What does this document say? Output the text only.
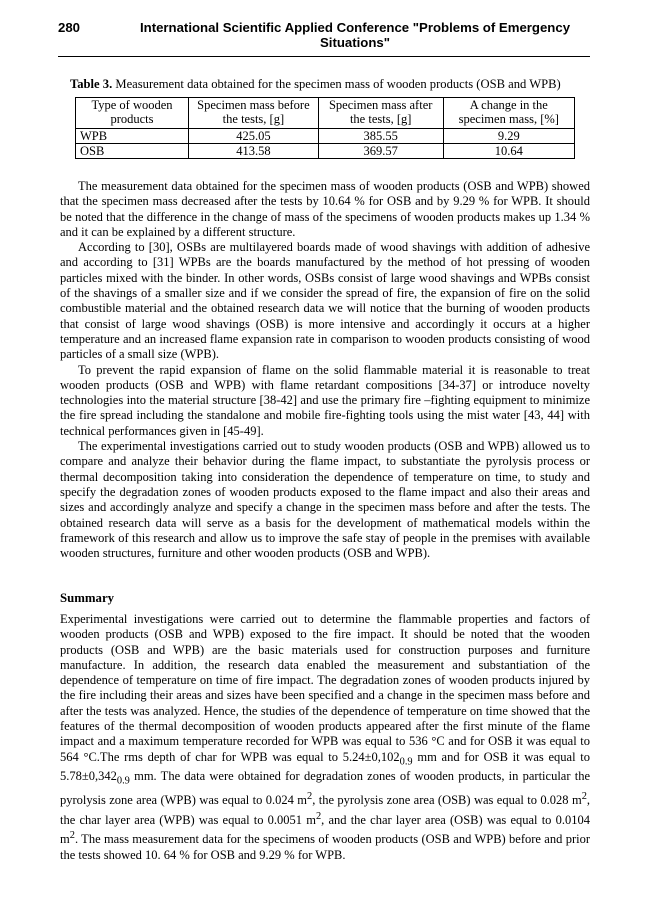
280	International Scientific Applied Conference "Problems of Emergency Situations"
Table 3. Measurement data obtained for the specimen mass of wooden products (OSB and WPB)
Type of wooden products	Specimen mass before the tests, [g]	Specimen mass after the tests, [g]	A change in the specimen mass, [%]
WPB	425.05	385.55	9.29
OSB	413.58	369.57	10.64

The measurement data obtained for the specimen mass of wooden products (OSB and WPB) showed that the specimen mass decreased after the tests by 10.64 % for OSB and by 9.29 % for WPB. It should be noted that the difference in the change of mass of the specimens of wooden products makes up 1.34 % and it can be explained by a different structure.

According to [30], OSBs are multilayered boards made of wood shavings with addition of adhesive and according to [31] WPBs are the boards manufactured by the method of hot pressing of wooden particles mixed with the binder. In other words, OSBs consist of large wood shavings and WPBs consist of the shavings of a smaller size and if we consider the spread of fire, the expansion of fire on the solid combustible material and the obtained research data we will notice that the burning of wooden products that consist of large wood shavings (OSB) is more intensive and accordingly it occurs at a higher temperature and an increased flame expansion rate in comparison to wooden products consisting of wood particles of a small size (WPB).

To prevent the rapid expansion of flame on the solid flammable material it is reasonable to treat wooden products (OSB and WPB) with flame retardant compositions [34-37] or introduce novelty technologies into the material structure [38-42] and use the primary fire –fighting equipment to minimize the fire spread including the standalone and mobile fire-fighting tools using the mist water [43, 44] with technical performances given in [45-49].

The experimental investigations carried out to study wooden products (OSB and WPB) allowed us to compare and analyze their behavior during the flame impact, to substantiate the pyrolysis process or thermal decomposition taking into consideration the dependence of temperature on time, to study and specify the degradation zones of wooden products exposed to the flame impact and also their areas and sizes and accordingly analyze and specify a change in the specimen mass before and after the tests. The obtained research data will serve as a basis for the development of mathematical models within the framework of this research and allow us to improve the safe stay of people in the premises with available wooden structures, furniture and other wooden products (OSB and WPB).

Summary

Experimental investigations were carried out to determine the flammable properties and factors of wooden products (OSB and WPB) exposed to the fire impact. It should be noted that the wooden products (OSB and WPB) are the basic materials used for construction purposes and furniture manufacture. In addition, the research data enabled the measurement and substantiation of the dependence of temperature on time of fire impact. The degradation zones of wooden products injured by the fire including their areas and sizes have been specified and a change in the specimen mass before and after the tests was analyzed. Hence, the studies of the dependence of temperature on time showed that the features of the thermal decomposition of wooden products appeared after the first minute of the flame impact and a maximum temperature recorded for WPB was equal to 536 °C and for OSB it was equal to 564 °C.The rms depth of char for WPB was equal to $5.24\pm 0,102_{0.9}$ mm and for OSB it was equal to $5.78\pm 0,342_{0.9}$ mm. The data were obtained for degradation zones of wooden products, in particular the pyrolysis zone area (WPB) was equal to 0.024 $m^2$, the pyrolysis zone area (OSB) was equal to 0.028 $m^2$, the char layer area (WPB) was equal to 0.0051 $m^2$, and the char layer area (OSB) was equal to 0.0104 $m^2$. The mass measurement data for the specimens of wooden products (OSB and WPB) before and prior the tests showed 10. 64 % for OSB and 9.29 % for WPB.
